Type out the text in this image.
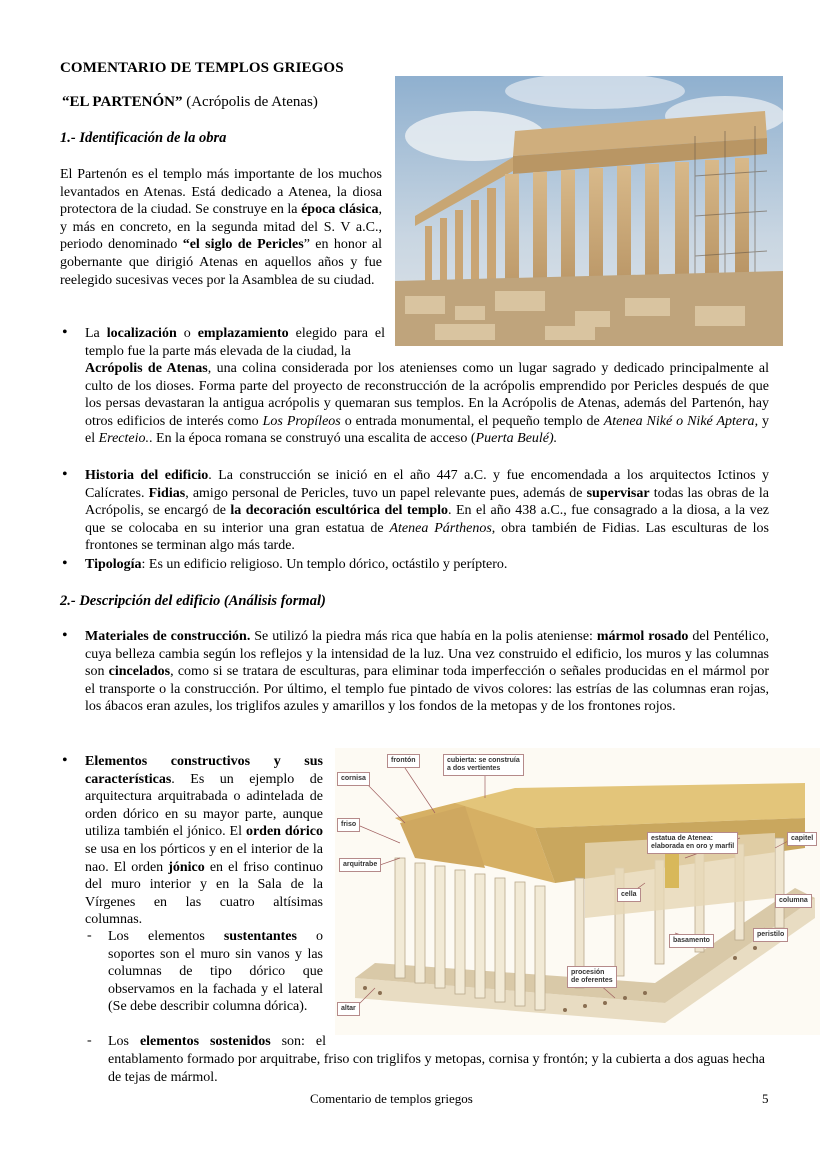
COMENTARIO DE TEMPLOS GRIEGOS
“EL PARTENÓN” (Acrópolis de Atenas)
1.- Identificación de la obra
El Partenón es el templo más importante de los muchos levantados en Atenas. Está dedicado a Atenea, la diosa protectora de la ciudad. Se construye en la época clásica, y más en concreto, en la segunda mitad del S. V a.C., periodo denominado “el siglo de Pericles” en honor al gobernante que dirigió Atenas en aquellos años y fue reelegido sucesivas veces por la Asamblea de su ciudad.
• La localización o emplazamiento elegido para el templo fue la parte más elevada de la ciudad, la
Acrópolis de Atenas, una colina considerada por los atenienses como un lugar sagrado y dedicado principalmente al culto de los dioses. Forma parte del proyecto de reconstrucción de la acrópolis emprendido por Pericles después de que los persas devastaran la antigua acrópolis y quemaran sus templos. En la Acrópolis de Atenas, además del Partenón, hay otros edificios de interés como Los Propíleos o entrada monumental, el pequeño templo de Atenea Niké o Niké Aptera, y el Erecteio.. En la época romana se construyó una escalita de acceso (Puerta Beulé).
• Historia del edificio. La construcción se inició en el año 447 a.C. y fue encomendada a los arquitectos Ictinos y Calícrates. Fidias, amigo personal de Pericles, tuvo un papel relevante pues, además de supervisar todas las obras de la Acrópolis, se encargó de la decoración escultórica del templo. En el año 438 a.C., fue consagrado a la diosa, a la vez que se colocaba en su interior una gran estatua de Atenea Párthenos, obra también de Fidias. Las esculturas de los frontones se terminan algo más tarde.
• Tipología: Es un edificio religioso. Un templo dórico, octástilo y períptero.
2.- Descripción del edificio (Análisis formal)
• Materiales de construcción. Se utilizó la piedra más rica que había en la polis ateniense: mármol rosado del Pentélico, cuya belleza cambia según los reflejos y la intensidad de la luz. Una vez construido el edificio, los muros y las columnas son cincelados, como si se tratara de esculturas, para eliminar toda imperfección o señales producidas en el mármol por el transporte o la construcción. Por último, el templo fue pintado de vivos colores: las estrías de las columnas eran rojas, los ábacos eran azules, los triglifos azules y amarillos y los fondos de la metopas y de los frontones rojos.
• Elementos constructivos y sus características. Es un ejemplo de arquitectura arquitrabada o adintelada de orden dórico en su mayor parte, aunque utiliza también el jónico. El orden dórico se usa en los pórticos y en el interior de la nao. El orden jónico en el friso continuo del muro interior y en la Sala de la Vírgenes en las cuatro altísimas columnas.
- Los elementos sustentantes o soportes son el muro sin vanos y las columnas de tipo dórico que observamos en la fachada y el lateral (Se debe describir columna dórica).
- Los elementos sostenidos son: el
entablamento formado por arquitrabe, friso con triglifos y metopas, cornisa y frontón; y la cubierta a dos aguas hecha de tejas de mármol.
frontón	cubierta: se construía
a dos vertientes
cornisa
friso
arquitrabe
estatua de Atenea:
elaborada en oro y marfil
capitel
cella
columna
basamento
peristilo
procesión
de oferentes
altar
Comentario de templos griegos	5
